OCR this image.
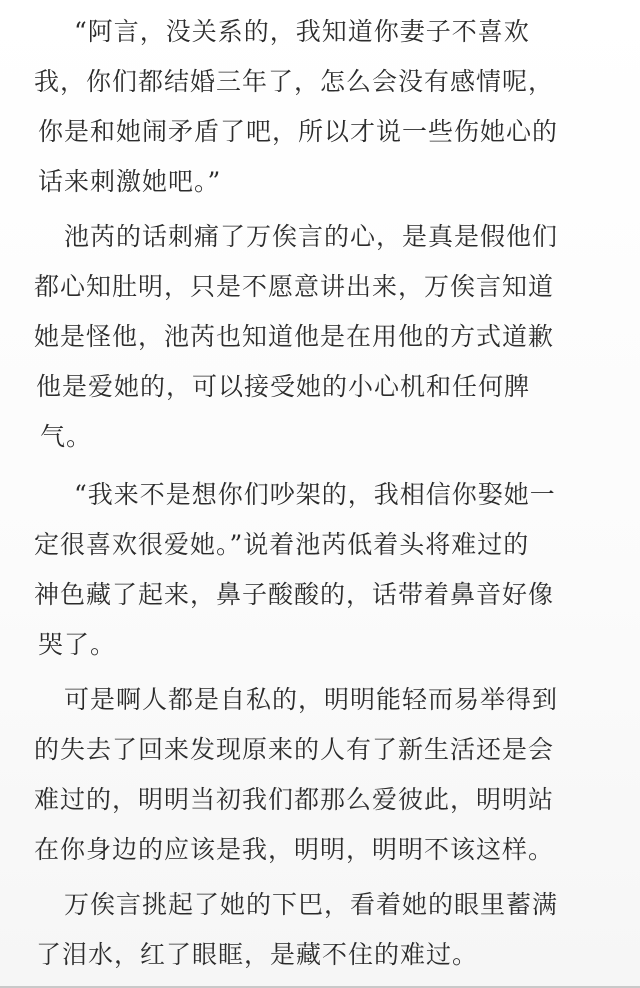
“阿言，没关系的，我知道你妻子不喜欢
我，你们都结婚三年了，怎么会没有感情呢，
你是和她闹矛盾了吧，所以才说一些伤她心的
话来刺激她吧。”
池芮的话刺痛了万俟言的心，是真是假他们
都心知肚明，只是不愿意讲出来，万俟言知道
她是怪他，池芮也知道他是在用他的方式道歉
他是爱她的，可以接受她的小心机和任何脾
气。
“我来不是想你们吵架的，我相信你娶她一
定很喜欢很爱她。”说着池芮低着头将难过的
神色藏了起来，鼻子酸酸的，话带着鼻音好像
哭了。
可是啊人都是自私的，明明能轻而易举得到
的失去了回来发现原来的人有了新生活还是会
难过的，明明当初我们都那么爱彼此，明明站
在你身边的应该是我，明明，明明不该这样。
万俟言挑起了她的下巴，看着她的眼里蓄满
了泪水，红了眼眶，是藏不住的难过。
